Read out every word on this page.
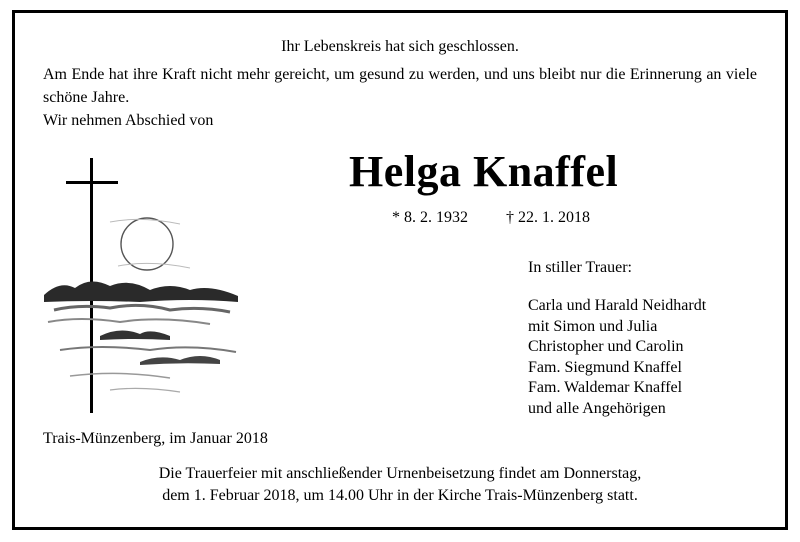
Ihr Lebenskreis hat sich geschlossen.

Am Ende hat ihre Kraft nicht mehr gereicht, um gesund zu werden, und uns bleibt nur die Erinnerung an viele schöne Jahre.

Wir nehmen Abschied von
Helga Knaffel
* 8. 2. 1932 † 22. 1. 2018
In stiller Trauer:
Carla und Harald Neidhardt
mit Simon und Julia
Christopher und Carolin
Fam. Siegmund Knaffel
Fam. Waldemar Knaffel
und alle Angehörigen
Trais-Münzenberg, im Januar 2018
Die Trauerfeier mit anschließender Urnenbeisetzung findet am Donnerstag,
dem 1. Februar 2018, um 14.00 Uhr in der Kirche Trais-Münzenberg statt.
